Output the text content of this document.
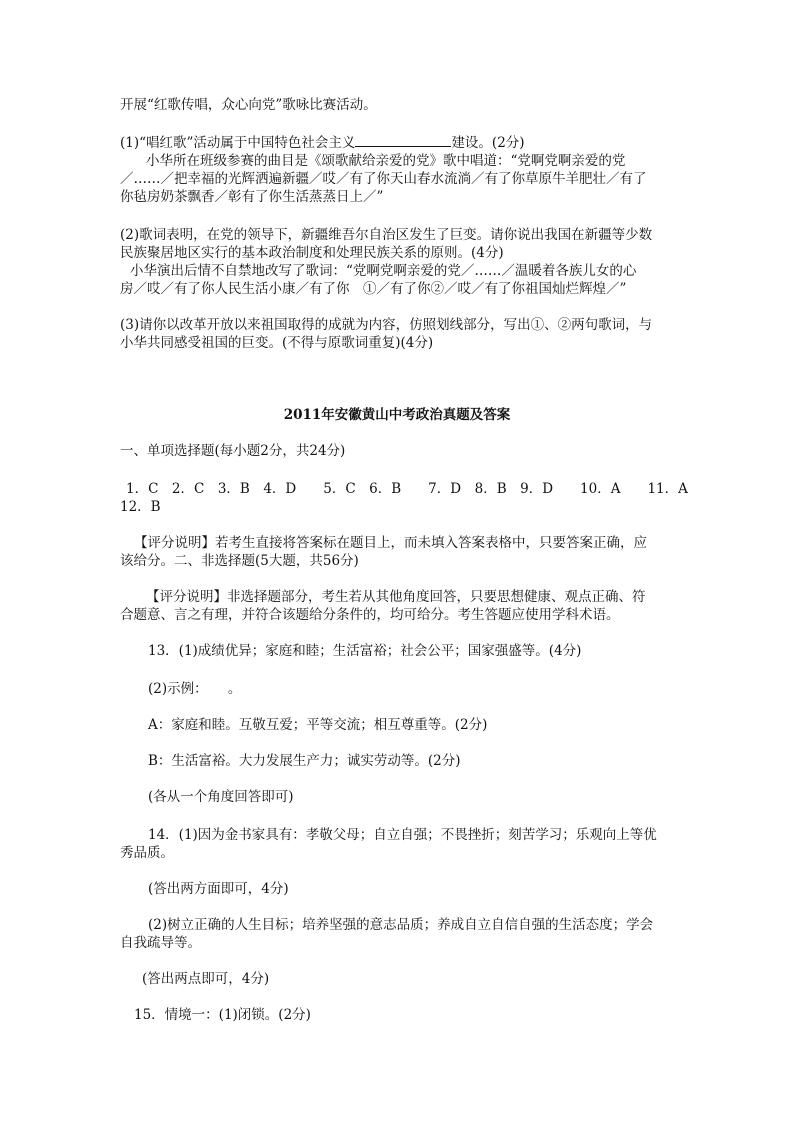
开展“红歌传唱，众心向党”歌咏比赛活动。
(1)“唱红歌”活动属于中国特色社会主义	建设。(2分)
小华所在班级参赛的曲目是《颂歌献给亲爱的党》歌中唱道：“党啊党啊亲爱的党
／……／把幸福的光辉洒遍新疆／哎／有了你天山春水流淌／有了你草原牛羊肥壮／有了
你毡房奶茶飘香／彰有了你生活蒸蒸日上／”
(2)歌词表明，在党的领导下，新疆维吾尔自治区发生了巨变。请你说出我国在新疆等少数
民族聚居地区实行的基本政治制度和处理民族关系的原则。(4分)
小华演出后情不自禁地改写了歌词：“党啊党啊亲爱的党／……／温暖着各族儿女的心
房／哎／有了你人民生活小康／有了你　①／有了你②／哎／有了你祖国灿烂辉煌／”
(3)请你以改革开放以来祖国取得的成就为内容，仿照划线部分，写出①、②两句歌词，与
小华共同感受祖国的巨变。(不得与原歌词重复)(4分)
2011年安徽黄山中考政治真题及答案
一、单项选择题(每小题2分，共24分)
1．C　2．C　3．B　4．D　　5．C　6．B　　7．D　8．B　9．D　　10．A　　11．A
12．B
【评分说明】若考生直接将答案标在题目上，而未填入答案表格中，只要答案正确，应
该给分。二、非选择题(5大题，共56分)
【评分说明】非选择题部分，考生若从其他角度回答，只要思想健康、观点正确、符
合题意、言之有理，并符合该题给分条件的，均可给分。考生答题应使用学科术语。
13．(1)成绩优异；家庭和睦；生活富裕；社会公平；国家强盛等。(4分)
(2)示例：　　。
A：家庭和睦。互敬互爱；平等交流；相互尊重等。(2分)
B：生活富裕。大力发展生产力；诚实劳动等。(2分)
(各从一个角度回答即可)
14．(1)因为金书家具有：孝敬父母；自立自强；不畏挫折；刻苦学习；乐观向上等优
秀品质。
(答出两方面即可，4分)
(2)树立正确的人生目标；培养坚强的意志品质；养成自立自信自强的生活态度；学会
自我疏导等。
(答出两点即可，4分)
15．情境一：(1)闭锁。(2分)
